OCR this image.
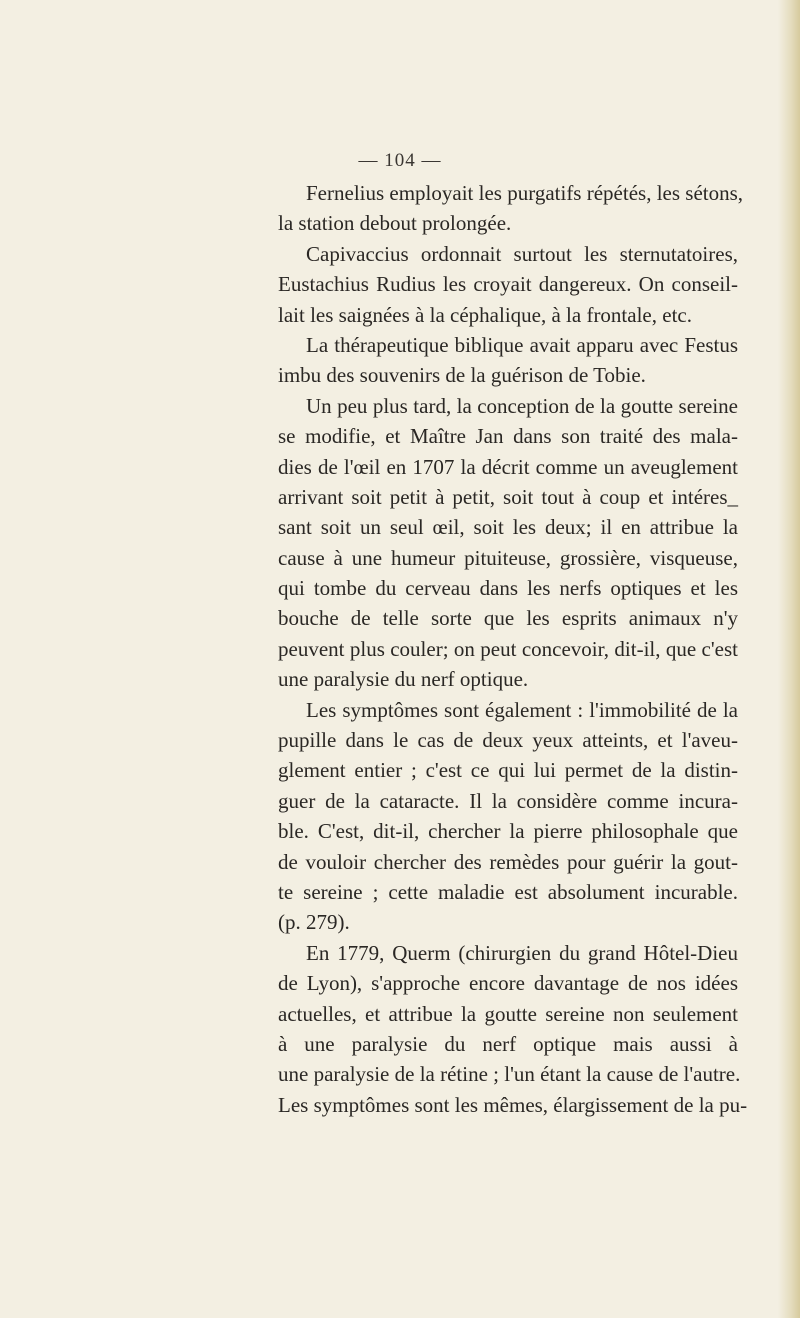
— 104 —
Fernelius employait les purgatifs répétés, les sétons,
la station debout prolongée.
Capivaccius ordonnait surtout les sternutatoires,
Eustachius Rudius les croyait dangereux. On conseil-
lait les saignées à la céphalique, à la frontale, etc.
La thérapeutique biblique avait apparu avec Festus
imbu des souvenirs de la guérison de Tobie.
Un peu plus tard, la conception de la goutte sereine
se modifie, et Maître Jan dans son traité des mala-
dies de l'œil en 1707 la décrit comme un aveuglement
arrivant soit petit à petit, soit tout à coup et intéres_
sant soit un seul œil, soit les deux; il en attribue la
cause à une humeur pituiteuse, grossière, visqueuse,
qui tombe du cerveau dans les nerfs optiques et les
bouche de telle sorte que les esprits animaux n'y
peuvent plus couler; on peut concevoir, dit-il, que c'est
une paralysie du nerf optique.
Les symptômes sont également : l'immobilité de la
pupille dans le cas de deux yeux atteints, et l'aveu-
glement entier ; c'est ce qui lui permet de la distin-
guer de la cataracte. Il la considère comme incura-
ble. C'est, dit-il, chercher la pierre philosophale que
de vouloir chercher des remèdes pour guérir la gout-
te sereine ; cette maladie est absolument incurable.
(p. 279).
En 1779, Querm (chirurgien du grand Hôtel-Dieu
de Lyon), s'approche encore davantage de nos idées
actuelles, et attribue la goutte sereine non seulement
à une paralysie du nerf optique mais aussi à
une paralysie de la rétine ; l'un étant la cause de l'autre.
Les symptômes sont les mêmes, élargissement de la pu-
